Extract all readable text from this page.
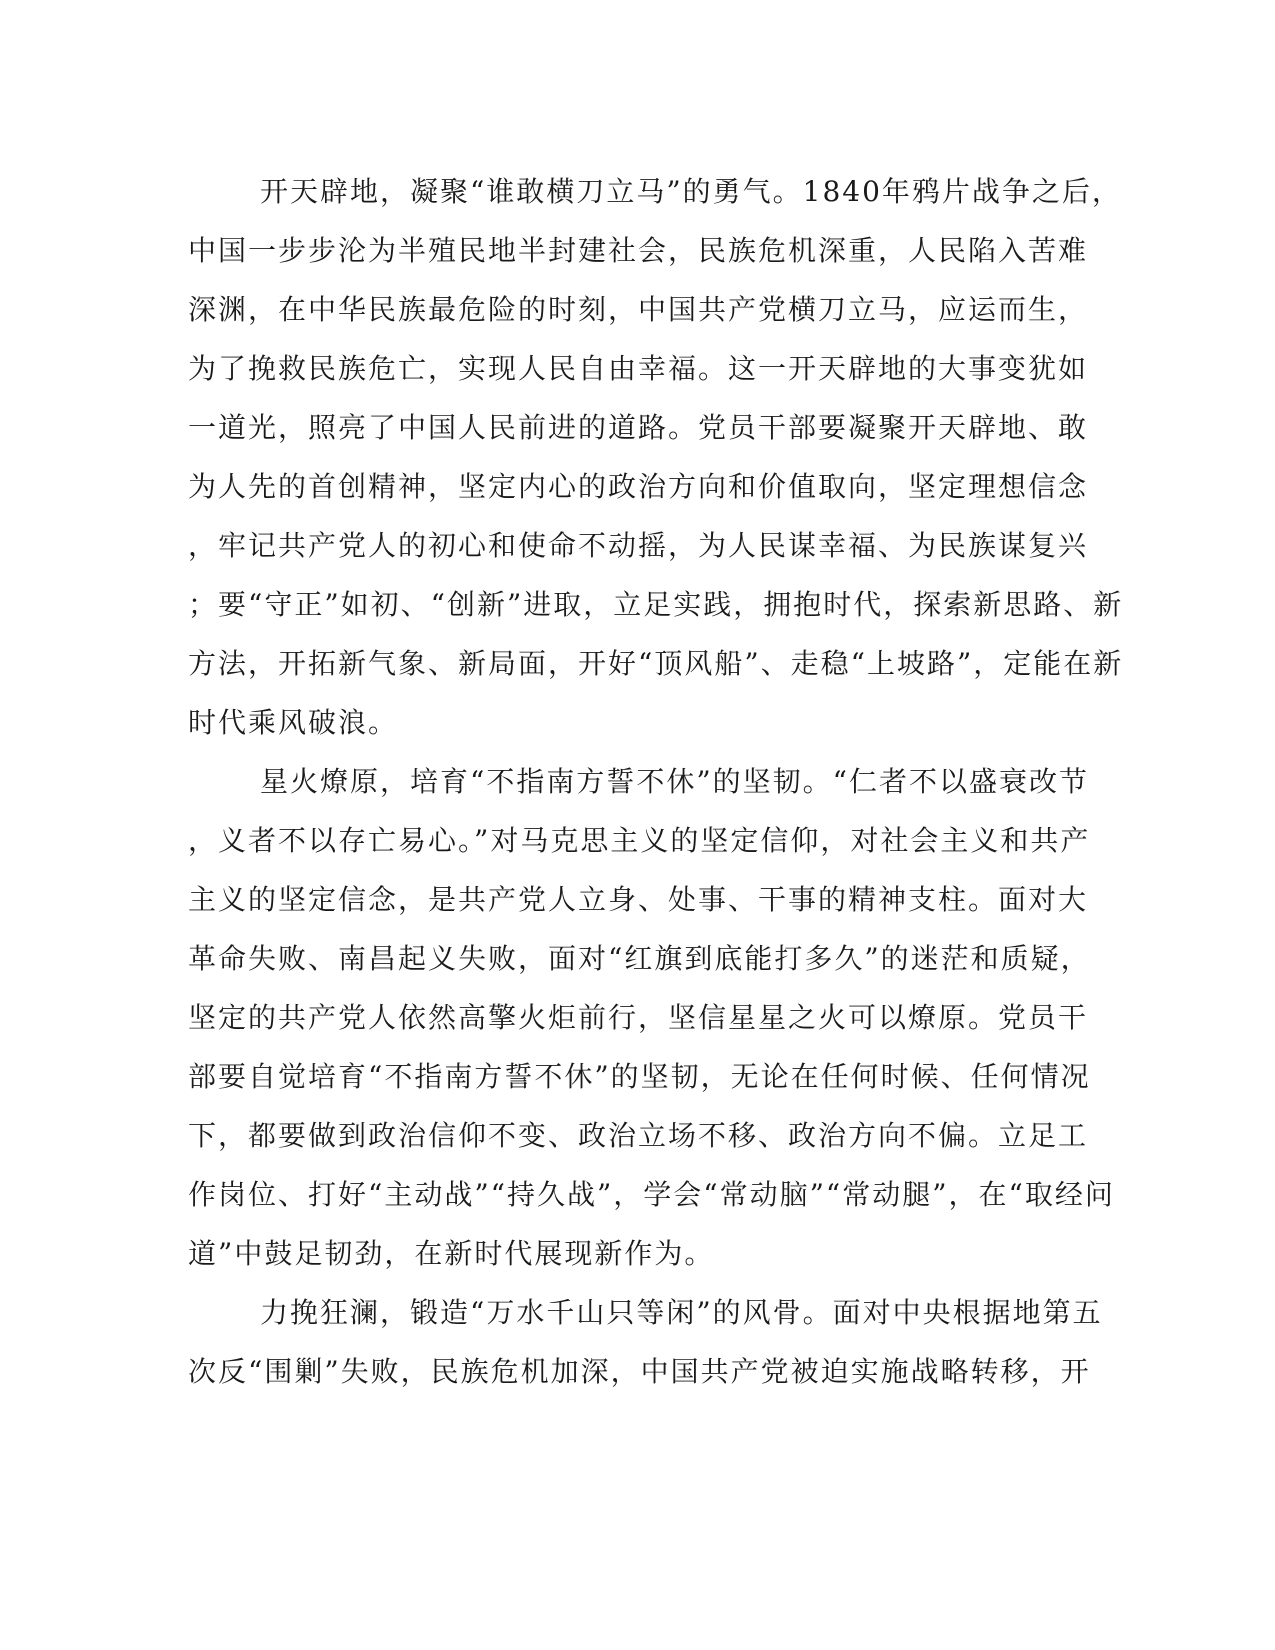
开天辟地，凝聚“谁敢横刀立马”的勇气。1840年鸦片战争之后，
中国一步步沦为半殖民地半封建社会，民族危机深重，人民陷入苦难
深渊，在中华民族最危险的时刻，中国共产党横刀立马，应运而生，
为了挽救民族危亡，实现人民自由幸福。这一开天辟地的大事变犹如
一道光，照亮了中国人民前进的道路。党员干部要凝聚开天辟地、敢
为人先的首创精神，坚定内心的政治方向和价值取向，坚定理想信念
，牢记共产党人的初心和使命不动摇，为人民谋幸福、为民族谋复兴
；要“守正”如初、“创新”进取，立足实践，拥抱时代，探索新思路、新
方法，开拓新气象、新局面，开好“顶风船”、走稳“上坡路”，定能在新
时代乘风破浪。
星火燎原，培育“不指南方誓不休”的坚韧。“仁者不以盛衰改节
，义者不以存亡易心。”对马克思主义的坚定信仰，对社会主义和共产
主义的坚定信念，是共产党人立身、处事、干事的精神支柱。面对大
革命失败、南昌起义失败，面对“红旗到底能打多久”的迷茫和质疑，
坚定的共产党人依然高擎火炬前行，坚信星星之火可以燎原。党员干
部要自觉培育“不指南方誓不休”的坚韧，无论在任何时候、任何情况
下，都要做到政治信仰不变、政治立场不移、政治方向不偏。立足工
作岗位、打好“主动战”“持久战”，学会“常动脑”“常动腿”，在“取经问
道”中鼓足韧劲，在新时代展现新作为。
力挽狂澜，锻造“万水千山只等闲”的风骨。面对中央根据地第五
次反“围剿”失败，民族危机加深，中国共产党被迫实施战略转移，开
